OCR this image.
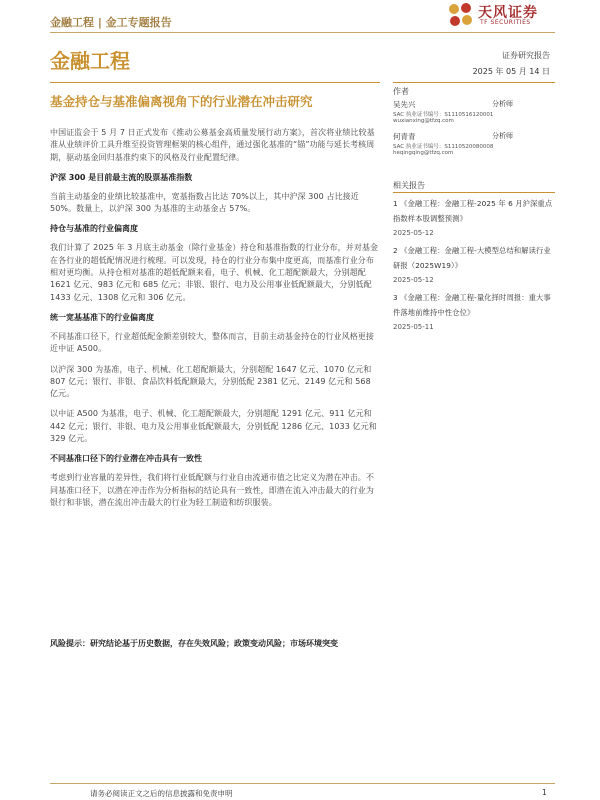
金融工程 | 金工专题报告
天风证券
TF SECURITIES
金融工程	证券研究报告
2025 年 05 月 14 日
基金持仓与基准偏离视角下的行业潜在冲击研究
作者
吴先兴	分析师
SAC 执业证书编号：S1110516120001
wuxianxing@tfzq.com
何青青	分析师
SAC 执业证书编号：S1110520080008
heqingqing@tfzq.com
相关报告
1 《金融工程：金融工程-2025 年 6 月沪深重点指数样本股调整预测》
2025-05-12
2 《金融工程：金融工程-大模型总结和解读行业研报（2025W19）》
2025-05-12
3 《金融工程：金融工程-量化择时周报：重大事件落地前维持中性仓位》
2025-05-11

中国证监会于 5 月 7 日正式发布《推动公募基金高质量发展行动方案》，首次将业绩比较基准从业绩评价工具升维至投资管理框架的核心组件，通过强化基准的“锚”功能与延长考核周期，驱动基金回归基准约束下的风格及行业配置纪律。

沪深 300 是目前最主流的股票基准指数

当前主动基金的业绩比较基准中，宽基指数占比达 70%以上，其中沪深 300 占比接近 50%。数量上，以沪深 300 为基准的主动基金占 57%。

持仓与基准的行业偏离度

我们计算了 2025 年 3 月底主动基金（除行业基金）持仓和基准指数的行业分布，并对基金在各行业的超低配情况进行梳理。可以发现，持仓的行业分布集中度更高，而基准行业分布相对更均衡。从持仓相对基准的超低配额来看，电子、机械、化工超配额最大，分别超配 1621 亿元、983 亿元和 685 亿元；非银、银行、电力及公用事业低配额最大，分别低配 1433 亿元、1308 亿元和 306 亿元。

统一宽基基准下的行业偏离度

不同基准口径下，行业超低配金额差别较大，整体而言，目前主动基金持仓的行业风格更接近中证 A500。

以沪深 300 为基准，电子、机械、化工超配额最大，分别超配 1647 亿元、1070 亿元和 807 亿元；银行、非银、食品饮料低配额最大，分别低配 2381 亿元、2149 亿元和 568 亿元。

以中证 A500 为基准，电子、机械、化工超配额最大，分别超配 1291 亿元、911 亿元和 442 亿元；银行、非银、电力及公用事业低配额最大，分别低配 1286 亿元、1033 亿元和 329 亿元。

不同基准口径下的行业潜在冲击具有一致性

考虑到行业容量的差异性，我们将行业低配额与行业自由流通市值之比定义为潜在冲击。不同基准口径下，以潜在冲击作为分析指标的结论具有一致性，即潜在流入冲击最大的行业为银行和非银，潜在流出冲击最大的行业为轻工制造和纺织服装。

风险提示：研究结论基于历史数据，存在失效风险；政策变动风险；市场环境突变
请务必阅读正文之后的信息披露和免责申明	1
